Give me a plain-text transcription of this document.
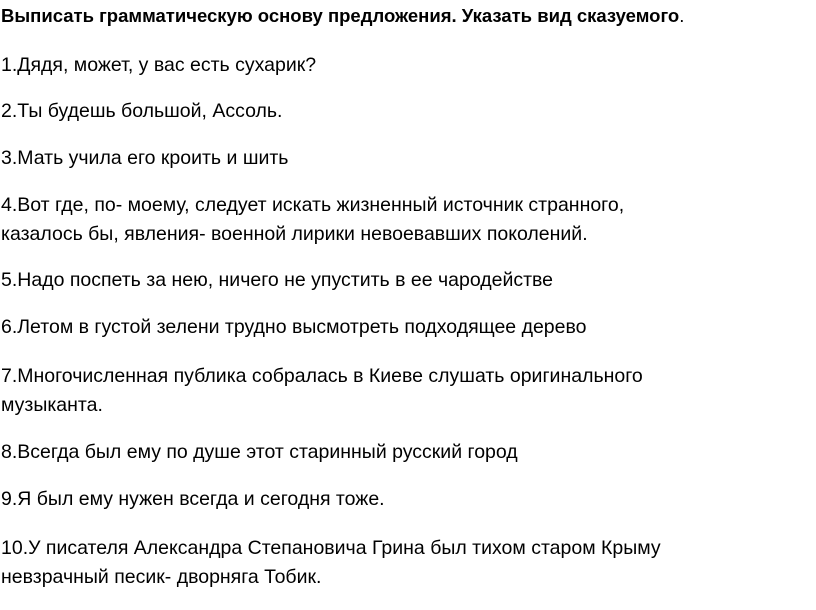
Выписать грамматическую основу предложения. Указать вид сказуемого.
1.Дядя, может, у вас есть сухарик?
2.Ты будешь большой, Ассоль.
3.Мать учила его кроить и шить
4.Вот где, по- моему, следует искать жизненный источник странного,
казалось бы, явления- военной лирики невоевавших поколений.
5.Надо поспеть за нею, ничего не упустить в ее чародействе
6.Летом в густой зелени трудно высмотреть подходящее дерево
7.Многочисленная публика собралась в Киеве слушать оригинального
музыканта.
8.Всегда был ему по душе этот старинный русский город
9.Я был ему нужен всегда и сегодня тоже.
10.У писателя Александра Степановича Грина был тихом старом Крыму
невзрачный песик- дворняга Тобик.
